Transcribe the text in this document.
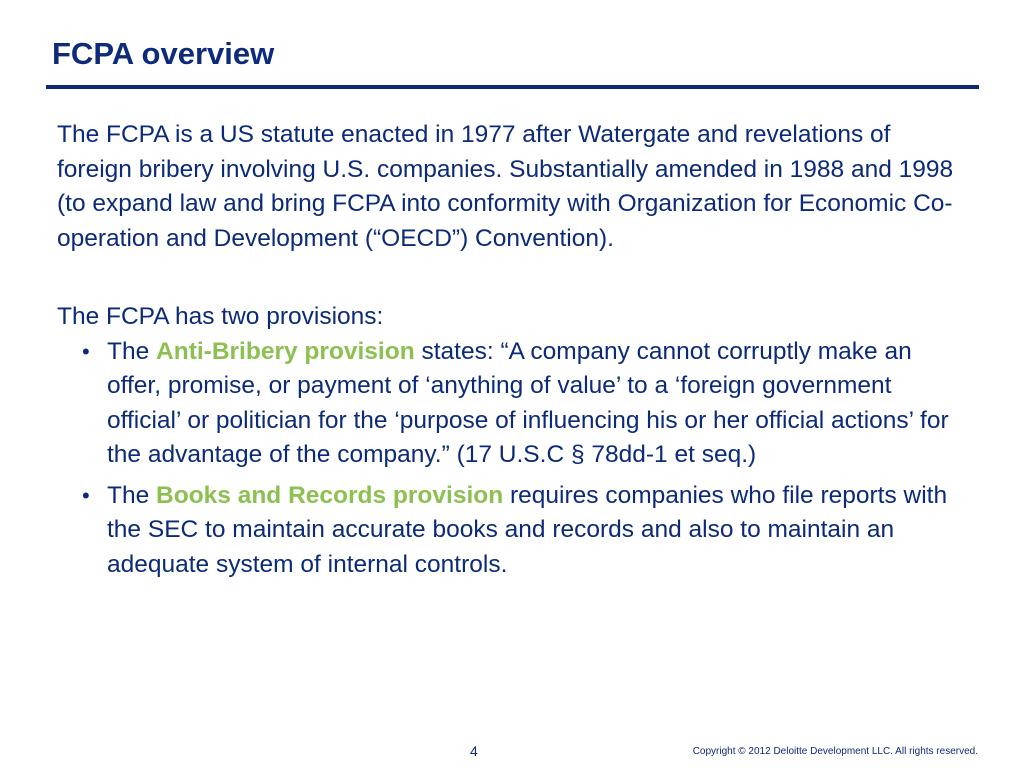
FCPA overview

The FCPA is a US statute enacted in 1977 after Watergate and revelations of foreign bribery involving U.S. companies. Substantially amended in 1988 and 1998 (to expand law and bring FCPA into conformity with Organization for Economic Co-operation and Development (“OECD”) Convention).

The FCPA has two provisions:

• The Anti-Bribery provision states: “A company cannot corruptly make an offer, promise, or payment of ‘anything of value’ to a ‘foreign government official’ or politician for the ‘purpose of influencing his or her official actions’ for the advantage of the company.” (17 U.S.C § 78dd-1 et seq.)
• The Books and Records provision requires companies who file reports with the SEC to maintain accurate books and records and also to maintain an adequate system of internal controls.
4	Copyright © 2012 Deloitte Development LLC. All rights reserved.
